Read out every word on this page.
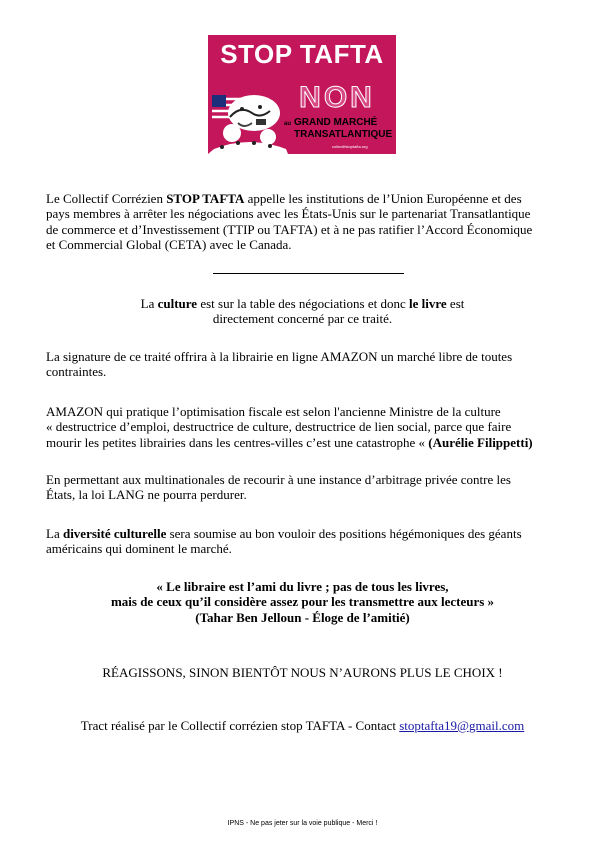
STOP TAFTA
NON
au GRAND MARCHÉ
TRANSATLANTIQUE
collectifstoptafta.org
Le Collectif Corrézien STOP TAFTA appelle les institutions de l’Union Européenne et des
pays membres à arrêter les négociations avec les États-Unis sur le partenariat Transatlantique
de commerce et d’Investissement (TTIP ou TAFTA) et à ne pas ratifier l’Accord Économique
et Commercial Global (CETA) avec le Canada.
La culture est sur la table des négociations et donc le livre est
directement concerné par ce traité.
La signature de ce traité offrira à la librairie en ligne AMAZON un marché libre de toutes
contraintes.
AMAZON qui pratique l’optimisation fiscale est selon l'ancienne Ministre de la culture
« destructrice d’emploi, destructrice de culture, destructrice de lien social, parce que faire
mourir les petites librairies dans les centres-villes c’est une catastrophe « (Aurélie Filippetti)
En permettant aux multinationales de recourir à une instance d’arbitrage privée contre les
États, la loi LANG ne pourra perdurer.
La diversité culturelle sera soumise au bon vouloir des positions hégémoniques des géants
américains qui dominent le marché.
« Le libraire est l’ami du livre ; pas de tous les livres,
mais de ceux qu’il considère assez pour les transmettre aux lecteurs »
(Tahar Ben Jelloun - Éloge de l’amitié)
RÉAGISSONS, SINON BIENTÔT NOUS N’AURONS PLUS LE CHOIX !
Tract réalisé par le Collectif corrézien stop TAFTA - Contact stoptafta19@gmail.com
IPNS - Ne pas jeter sur la voie publique - Merci !
